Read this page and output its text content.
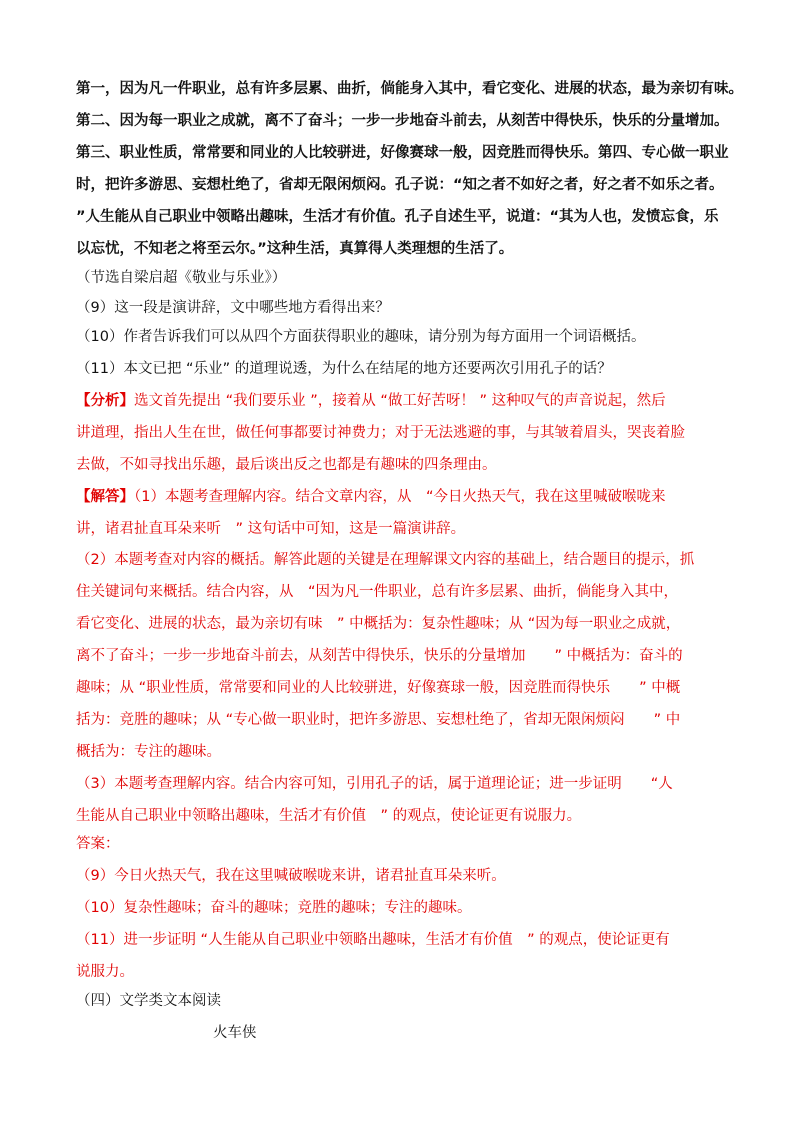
第一，因为凡一件职业，总有许多层累、曲折，倘能身入其中，看它变化、进展的状态，最为亲切有味。
第二、因为每一职业之成就，离不了奋斗；一步一步地奋斗前去，从刻苦中得快乐，快乐的分量增加。
第三、职业性质，常常要和同业的人比较骈进，好像赛球一般，因竞胜而得快乐。第四、专心做一职业
时，把许多游思、妄想杜绝了，省却无限闲烦闷。孔子说：“知之者不如好之者，好之者不如乐之者。
”人生能从自己职业中领略出趣味，生活才有价值。孔子自述生平，说道：“其为人也，发愤忘食，乐
以忘忧，不知老之将至云尔。”这种生活，真算得人类理想的生活了。
（节选自梁启超《敬业与乐业》）
（9）这一段是演讲辞，文中哪些地方看得出来？
（10）作者告诉我们可以从四个方面获得职业的趣味，请分别为每方面用一个词语概括。
（11）本文已把 “乐业” 的道理说透，为什么在结尾的地方还要两次引用孔子的话？
【分析】选文首先提出 “我们要乐业 ”，接着从 “做工好苦呀！ ” 这种叹气的声音说起，然后
讲道理，指出人生在世，做任何事都要讨神费力；对于无法逃避的事，与其皱着眉头，哭丧着脸
去做，不如寻找出乐趣，最后谈出反之也都是有趣味的四条理由。
【解答】（1）本题考查理解内容。结合文章内容，从　“今日火热天气，我在这里喊破喉咙来
讲，诸君扯直耳朵来听　” 这句话中可知，这是一篇演讲辞。
（2）本题考查对内容的概括。解答此题的关键是在理解课文内容的基础上，结合题目的提示，抓
住关键词句来概括。结合内容，从　“因为凡一件职业，总有许多层累、曲折，倘能身入其中，
看它变化、进展的状态，最为亲切有味　” 中概括为：复杂性趣味；从 “因为每一职业之成就，
离不了奋斗；一步一步地奋斗前去，从刻苦中得快乐，快乐的分量增加　　” 中概括为：奋斗的
趣味；从 “职业性质，常常要和同业的人比较骈进，好像赛球一般，因竞胜而得快乐　　” 中概
括为：竞胜的趣味；从 “专心做一职业时，把许多游思、妄想杜绝了，省却无限闲烦闷　　” 中
概括为：专注的趣味。
（3）本题考查理解内容。结合内容可知，引用孔子的话，属于道理论证；进一步证明　　“人
生能从自己职业中领略出趣味，生活才有价值　” 的观点，使论证更有说服力。
答案：
（9）今日火热天气，我在这里喊破喉咙来讲，诸君扯直耳朵来听。
（10）复杂性趣味；奋斗的趣味；竞胜的趣味；专注的趣味。
（11）进一步证明 “人生能从自己职业中领略出趣味，生活才有价值　” 的观点，使论证更有
说服力。
（四）文学类文本阅读
火车侠
